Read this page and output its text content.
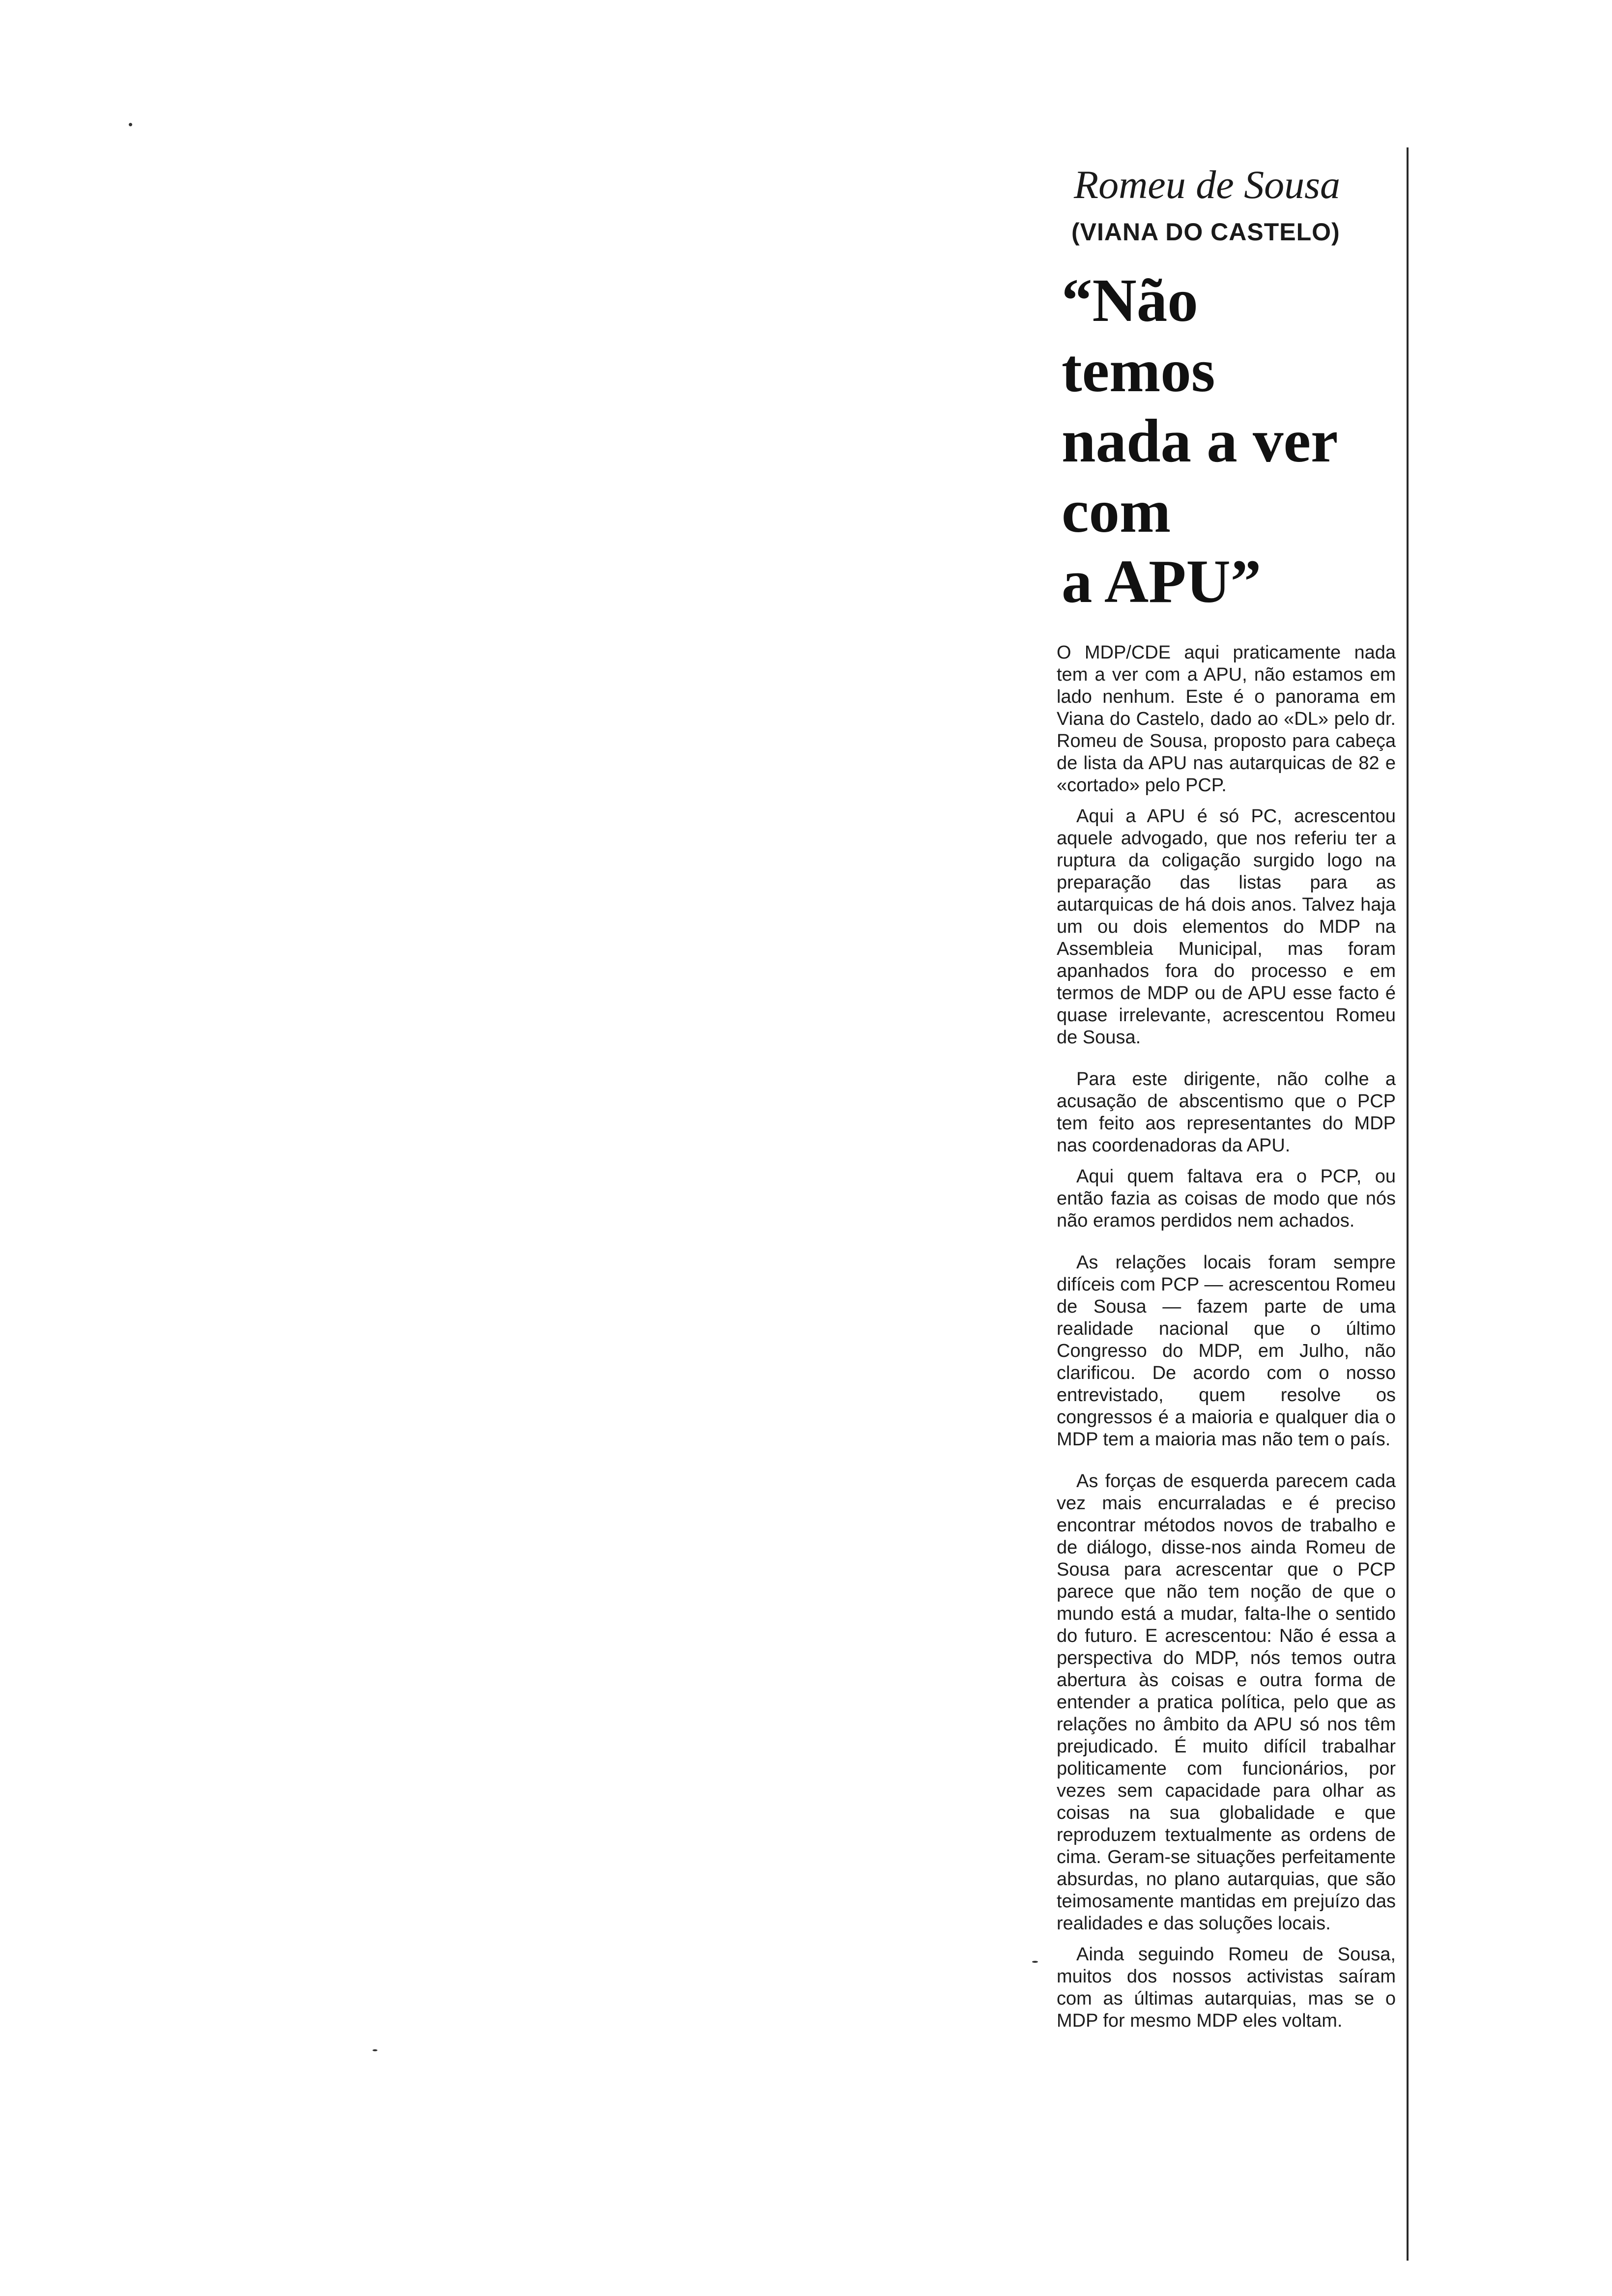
Romeu de Sousa
(VIANA DO CASTELO)
“Não
temos
nada a ver
com
a APU”

O MDP/CDE aqui praticamente nada tem a ver com a APU, não estamos em lado nenhum. Este é o panorama em Viana do Castelo, dado ao «DL» pelo dr. Romeu de Sousa, proposto para cabeça de lista da APU nas autarquicas de 82 e «cortado» pelo PCP.

Aqui a APU é só PC, acrescentou aquele advogado, que nos referiu ter a ruptura da coligação surgido logo na preparação das listas para as autarquicas de há dois anos. Talvez haja um ou dois elementos do MDP na Assembleia Municipal, mas foram apanhados fora do processo e em termos de MDP ou de APU esse facto é quase irrelevante, acrescentou Romeu de Sousa.

Para este dirigente, não colhe a acusação de abscentismo que o PCP tem feito aos representantes do MDP nas coordenadoras da APU.

Aqui quem faltava era o PCP, ou então fazia as coisas de modo que nós não eramos perdidos nem achados.

As relações locais foram sempre difíceis com PCP — acrescentou Romeu de Sousa — fazem parte de uma realidade nacional que o último Congresso do MDP, em Julho, não clarificou. De acordo com o nosso entrevistado, quem resolve os congressos é a maioria e qualquer dia o MDP tem a maioria mas não tem o país.

As forças de esquerda parecem cada vez mais encurraladas e é preciso encontrar métodos novos de trabalho e de diálogo, disse-nos ainda Romeu de Sousa para acrescentar que o PCP parece que não tem noção de que o mundo está a mudar, falta-lhe o sentido do futuro. E acrescentou: Não é essa a perspectiva do MDP, nós temos outra abertura às coisas e outra forma de entender a pratica política, pelo que as relações no âmbito da APU só nos têm prejudicado. É muito difícil trabalhar politicamente com funcionários, por vezes sem capacidade para olhar as coisas na sua globalidade e que reproduzem textualmente as ordens de cima. Geram-se situações perfeitamente absurdas, no plano autarquias, que são teimosamente mantidas em prejuízo das realidades e das soluções locais.

Ainda seguindo Romeu de Sousa, muitos dos nossos activistas saíram com as últimas autarquias, mas se o MDP for mesmo MDP eles voltam.
